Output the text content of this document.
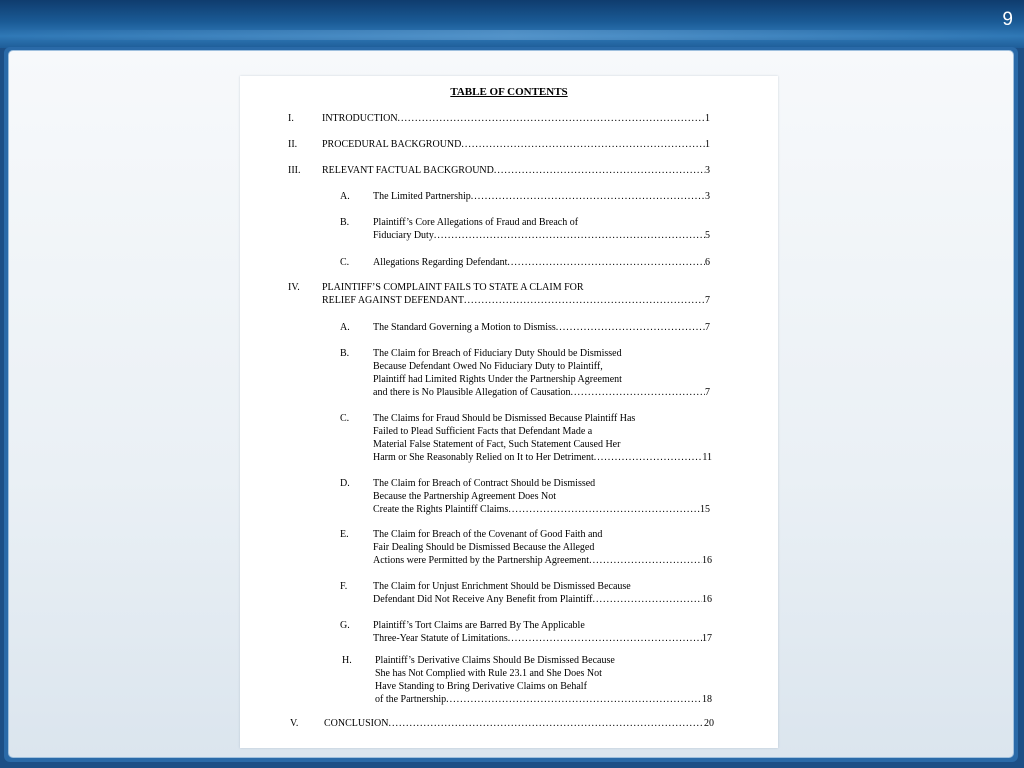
9
TABLE OF CONTENTS
I.	INTRODUCTION .....	1
II. PROCEDURAL BACKGROUND .....	1
III. RELEVANT FACTUAL BACKGROUND .....	3
A. The Limited Partnership .....	3
B. Plaintiff’s Core Allegations of Fraud and Breach of
Fiduciary Duty .....	5
C. Allegations Regarding Defendant .....	6
IV. PLAINTIFF’S COMPLAINT FAILS TO STATE A CLAIM FOR
RELIEF AGAINST DEFENDANT .....	7
A. The Standard Governing a Motion to Dismiss .....	7
B. The Claim for Breach of Fiduciary Duty Should be Dismissed
Because Defendant Owed No Fiduciary Duty to Plaintiff,
Plaintiff had Limited Rights Under the Partnership Agreement
and there is No Plausible Allegation of Causation .....	7
C. The Claims for Fraud Should be Dismissed Because Plaintiff Has
Failed to Plead Sufficient Facts that Defendant Made a
Material False Statement of Fact, Such Statement Caused Her
Harm or She Reasonably Relied on It to Her Detriment .....	11
D. The Claim for Breach of Contract Should be Dismissed
Because the Partnership Agreement Does Not
Create the Rights Plaintiff Claims .....	15
E. The Claim for Breach of the Covenant of Good Faith and
Fair Dealing Should be Dismissed Because the Alleged
Actions were Permitted by the Partnership Agreement .....	16
F.	The Claim for Unjust Enrichment Should be Dismissed Because
Defendant Did Not Receive Any Benefit from Plaintiff .....	16
G. Plaintiff’s Tort Claims are Barred By The Applicable
Three-Year Statute of Limitations .....	17
H. Plaintiff’s Derivative Claims Should Be Dismissed Because
She has Not Complied with Rule 23.1 and She Does Not
Have Standing to Bring Derivative Claims on Behalf
of the Partnership .....	18
V.	CONCLUSION .....	20
